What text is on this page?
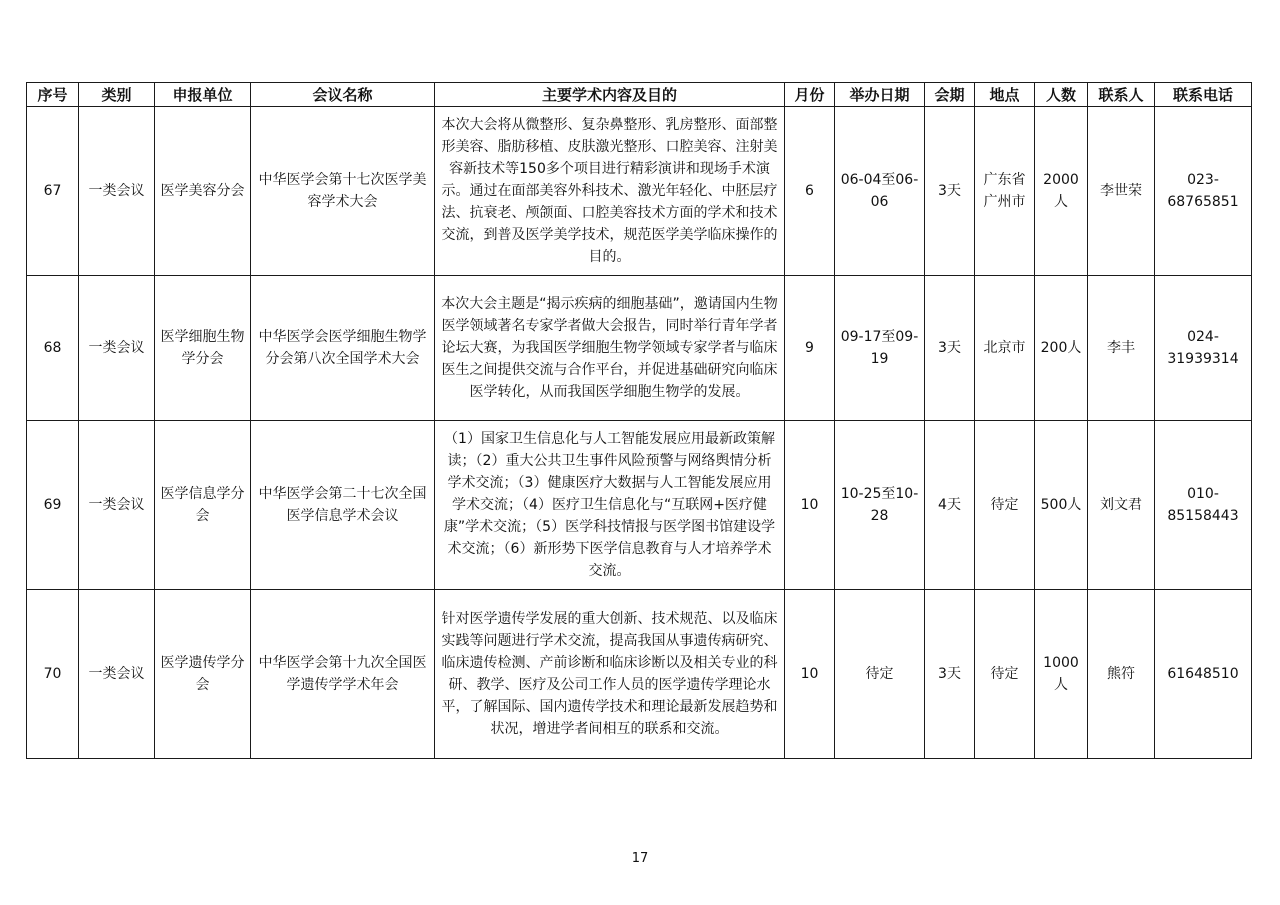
序号	类别	申报单位	会议名称	主要学术内容及目的	月份	举办日期	会期	地点	人数	联系人	联系电话
67	一类会议	医学美容分会	中华医学会第十七次医学美容学术大会	本次大会将从微整形、复杂鼻整形、乳房整形、面部整形美容、脂肪移植、皮肤激光整形、口腔美容、注射美容新技术等150多个项目进行精彩演讲和现场手术演示。通过在面部美容外科技术、激光年轻化、中胚层疗法、抗衰老、颅颌面、口腔美容技术方面的学术和技术交流，到普及医学美学技术，规范医学美学临床操作的目的。	6	06-04至06-06	3天	广东省广州市	2000人	李世荣	023-68765851
68	一类会议	医学细胞生物学分会	中华医学会医学细胞生物学分会第八次全国学术大会	本次大会主题是“揭示疾病的细胞基础”，邀请国内生物医学领域著名专家学者做大会报告，同时举行青年学者论坛大赛，为我国医学细胞生物学领域专家学者与临床医生之间提供交流与合作平台，并促进基础研究向临床医学转化，从而我国医学细胞生物学的发展。	9	09-17至09-19	3天	北京市	200人	李丰	024-31939314
69	一类会议	医学信息学分会	中华医学会第二十七次全国医学信息学术会议	（1）国家卫生信息化与人工智能发展应用最新政策解读；（2）重大公共卫生事件风险预警与网络舆情分析学术交流；（3）健康医疗大数据与人工智能发展应用学术交流；（4）医疗卫生信息化与“互联网+医疗健康”学术交流；（5）医学科技情报与医学图书馆建设学术交流；（6）新形势下医学信息教育与人才培养学术交流。	10	10-25至10-28	4天	待定	500人	刘文君	010-85158443
70	一类会议	医学遗传学分会	中华医学会第十九次全国医学遗传学学术年会	针对医学遗传学发展的重大创新、技术规范、以及临床实践等问题进行学术交流，提高我国从事遗传病研究、临床遗传检测、产前诊断和临床诊断以及相关专业的科研、教学、医疗及公司工作人员的医学遗传学理论水平，了解国际、国内遗传学技术和理论最新发展趋势和状况，增进学者间相互的联系和交流。	10	待定	3天	待定	1000人	熊符	61648510
17
